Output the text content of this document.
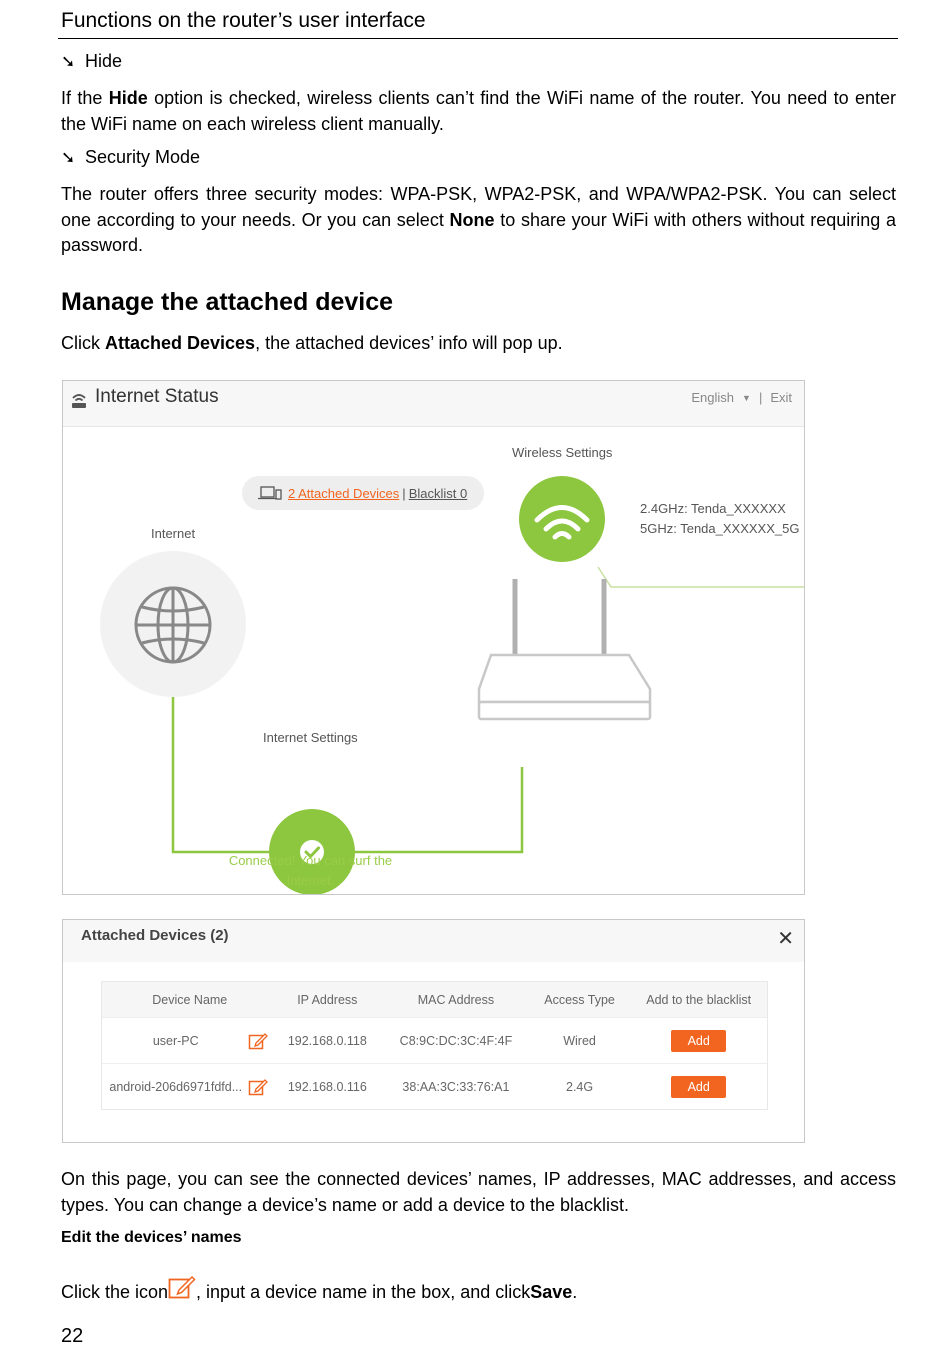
Functions on the router’s user interface
➘ Hide
If the Hide option is checked, wireless clients can’t find the WiFi name of the router. You need to enter the WiFi name on each wireless client manually.
➘ Security Mode
The router offers three security modes: WPA-PSK, WPA2-PSK, and WPA/WPA2-PSK. You can select one according to your needs. Or you can select None to share your WiFi with others without requiring a password.
Manage the attached device
Click Attached Devices, the attached devices’ info will pop up.
Internet Status	English ▼ | Exit
2 Attached Devices | Blacklist 0
Wireless Settings
2.4GHz: Tenda_XXXXXX
5GHz: Tenda_XXXXXX_5G
Internet
Internet Settings
Connected! You can surf the
Internet.
Attached Devices (2)	✕
Device Name	IP Address	MAC Address	Access Type	Add to the blacklist
user-PC	192.168.0.118	C8:9C:DC:3C:4F:4F	Wired	Add
android-206d6971fdfd...	192.168.0.116	38:AA:3C:33:76:A1	2.4G	Add
On this page, you can see the connected devices’ names, IP addresses, MAC addresses, and access types. You can change a device’s name or add a device to the blacklist.
Edit the devices’ names
Click the icon , input a device name in the box, and click Save .
22
